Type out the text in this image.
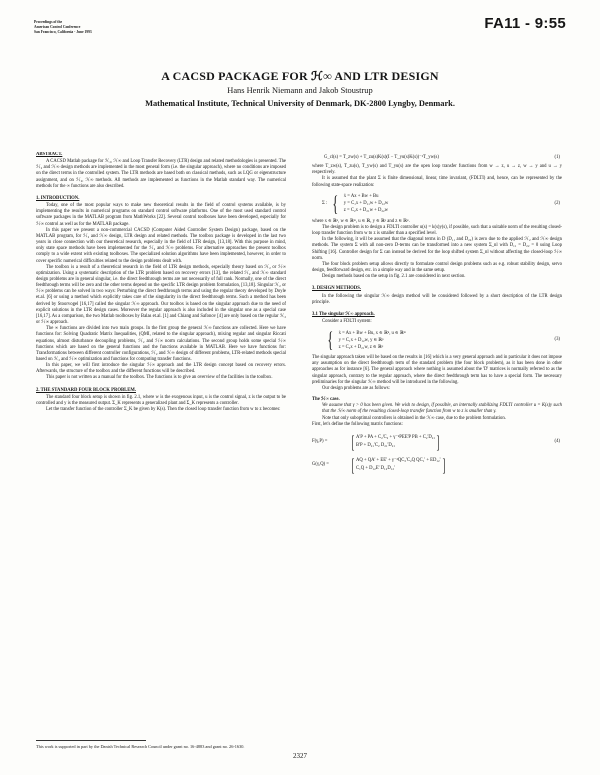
Proceedings of the
American Control Conference
San Francisco, California - June 1993	FA11 - 9:55
A CACSD PACKAGE FOR ℋ∞ AND LTR DESIGN
Hans Henrik Niemann and Jakob Stoustrup
Mathematical Institute, Technical University of Denmark, DK-2800 Lyngby, Denmark.
ABSTRACT.

A CACSD Matlab package for ℋ₂, ℋ∞ and Loop Transfer Recovery (LTR) design and related methodologies is presented. The ℋ₂ and ℋ∞ design methods are implemented in the most general form (i.e. the singular approach), where no conditions are imposed on the direct terms in the controlled system. The LTR methods are based both on classical methods, such as LQG or eigenstructure assignment, and on ℋ₂, ℋ∞ methods. All methods are implemented as functions in the Matlab standard way. The numerical methods for the ∞ functions are also described.

1. INTRODUCTION.

Today, one of the most popular ways to make new theoretical results in the field of control systems available, is by implementing the results in numerical programs on standard control software platforms. One of the most used standard control software packages in the MATLAB program from MathWorks [22]. Several control toolboxes have been developed, especially for ℋ∞ control as well as for the MATLAB package.

In this paper we present a non-commercial CACSD (Computer Aided Controller System Design) package, based on the MATLAB program, for ℋ₂ and ℋ∞ design, LTR design and related methods. The toolbox package is developed in the last two years in close connection with our theoretical research, especially in the field of LTR design, [13,18]. With this purpose in mind, only state space methods have been implemented for the ℋ₂ and ℋ∞ problems. For alternative approaches the present toolbox comply to a wide extent with existing toolboxes. The specialized solution algorithms have been implemented, however, in order to cover specific numerical difficulties related to the design problems dealt with.

The toolbox is a result of a theoretical research in the field of LTR design methods, especially theory based on ℋ₂ or ℋ∞ optimization. Using a systematic description of the LTR problem based on recovery errors [13], the related ℋ₂ and ℋ∞ standard design problems are in general singular, i.e. the direct feedthrough terms are not necessarily of full rank. Normally, one of the direct feedthrough terms will be zero and the other terms depend on the specific LTR design problem formulation, [13,18]. Singular ℋ₂ or ℋ∞ problems can be solved in two ways: Perturbing the direct feedthrough terms and using the regular theory developed by Doyle et.al. [6] or using a method which explicitly takes care of the singularity in the direct feedthrough terms. Such a method has been derived by Stoorvogel [16,17] called the singular ℋ∞ approach. Our toolbox is based on the singular approach due to the need of explicit solutions in the LTR design cases. Moreover the regular approach is also included in the singular one as a special case [16,17]. As a comparison, the two Matlab toolboxes by Balas et.al. [1] and Chiang and Safonov [4] are only based on the regular ℋ₂ or ℋ∞ approach.

The ∞ functions are divided into two main groups. In the first group the general ℋ∞ functions are collected. Here we have functions for: Solving Quadratic Matrix Inequalities, (QMI, related to the singular approach), mixing regular and singular Riccati equations, almost disturbance decoupling problems, ℋ₂ and ℋ∞ norm calculations. The second group holds some special ℋ∞ functions which are based on the general functions and the functions available in MATLAB. Here we have functions for: Transformations between different controller configurations, ℋ₂ and ℋ∞ design of different problems, LTR-related methods special based on ℋ₂ and ℋ∞ optimization and functions for computing transfer functions.

In this paper, we will first introduce the singular ℋ∞ approach and the LTR design concept based on recovery errors. Afterwards, the structure of the toolbox and the different functions will be described.

This paper is not written as a manual for the toolbox. The functions is to give an overview of the facilities in the toolbox.

2. THE STANDARD FOUR BLOCK PROBLEM.

The standard four block setup is shown in fig. 2.1, where w is the exogenous input, u is the control signal, z is the output to be controlled and y is the measured output. Σ_K represents a generalized plant and Σ_K represents a controller.

Let the transfer function of the controller Σ_K be given by K(s). Then the closed loop transfer function from w to z becomes:

G_cl(s) = T_zw(s) + T_zu(s)K(s)(I − T_yu(s)K(s))⁻¹T_yw(s)	(1)

where T_zw(s), T_zu(s), T_yw(s) and T_yu(s) are the open loop transfer functions from w → z, u → z, w → y and u → y respectively.

It is assumed that the plant Σ is finite dimensional, linear, time invariant, (FDLTI) and, hence, can be represented by the following state-space realization:

Σ : { ẋ = Ax + Bw + Bu
y = C₁x + D₁₁w + D₁₂w
z = C₂x + D₂₁w + D₂₂w
(2)

where x ∈ ℝⁿ, w ∈ ℝᵐ, u ∈ ℝ, y ∈ ℝᵖ and z ∈ ℝᵠ.

The design problem is to design a FDLTI controller u(s) = k(s)y(s), if possible, such that a suitable norm of the resulting closed-loop transfer function from w to z is smaller than a specified level.

In the following, it will be assumed that the diagonal terms in D (D₁₁ and D₂₂) is zero due to the applied ℋ₂ and ℋ∞ design methods. The system Σ with all non-zero D-terms can be transformed into a new system Σ_nl with D₁₁ = D₂₂ = 0 using Loop Shifting [16]. Controller design for Σ can instead be derived for the loop shifted system Σ_nl without affecting the closed-loop ℋ∞ norm.

The four block problem setup allows directly to formulate control design problems such as e.g. robust stability design, servo design, feedforward design, etc. in a simple way and in the same setup.

Design methods based on the setup in fig. 2.1 are considered in next section.

3. DESIGN METHODS.

In the following the singular ℋ∞ design method will be considered followed by a short description of the LTR design principle.

3.1 The singular ℋ∞ approach.

Consider a FDLTI system:

{ ẋ = Ax + Bw + Bu, x ∈ ℝⁿ, u ∈ ℝᵐ
y = C₁x + D₁₂w, y ∈ ℝᵖ
z = C₂x + D₂₁w, z ∈ ℝᵠ
(3)

The singular approach taken will be based on the results in [16] which is a very general approach and in particular it does not impose any assumption on the direct feedthrough term of the standard problem (the four block problem), as it has been done in other approaches as for instance [6]. The general approach where nothing is assumed about the 'D' matrices is normally referred to as the singular approach, contrary to the regular approach, where the direct feedthrough term has to have a special form. The necessary preliminaries for the singular ℋ∞ method will be introduced in the following.

Our design problems are as follows:

The ℋ∞ case.

We assume that γ > 0 has been given. We wish to design, if possible, an internally stabilizing FDLTI controller u = K(s)y such that the ℋ∞ norm of the resulting closed-loop transfer function from w to z is smaller than γ.

Note that only suboptimal controllers is obtained in the ℋ∞ case, due to the problem formulation.

First, let's define the following matrix functions:

F(γ,P) =	[ A'P + PA + C₂'C₂ + γ⁻²PEE'P PB + C₂'D₂₁
B'P + D₂₁'C₂ D₂₁'D₂₁	]	(4)
G(γ,Q) =	[ AQ + QA' + EE' + γ⁻²QC₂'C₂Q QC₁' + ED₁₂'
C₁Q + D₁₂E' D₁₂D₁₂'	]
This work is supported in part by the Danish Technical Research Council under grant no. 16-4883 and grant no. 26-1630.
2327
